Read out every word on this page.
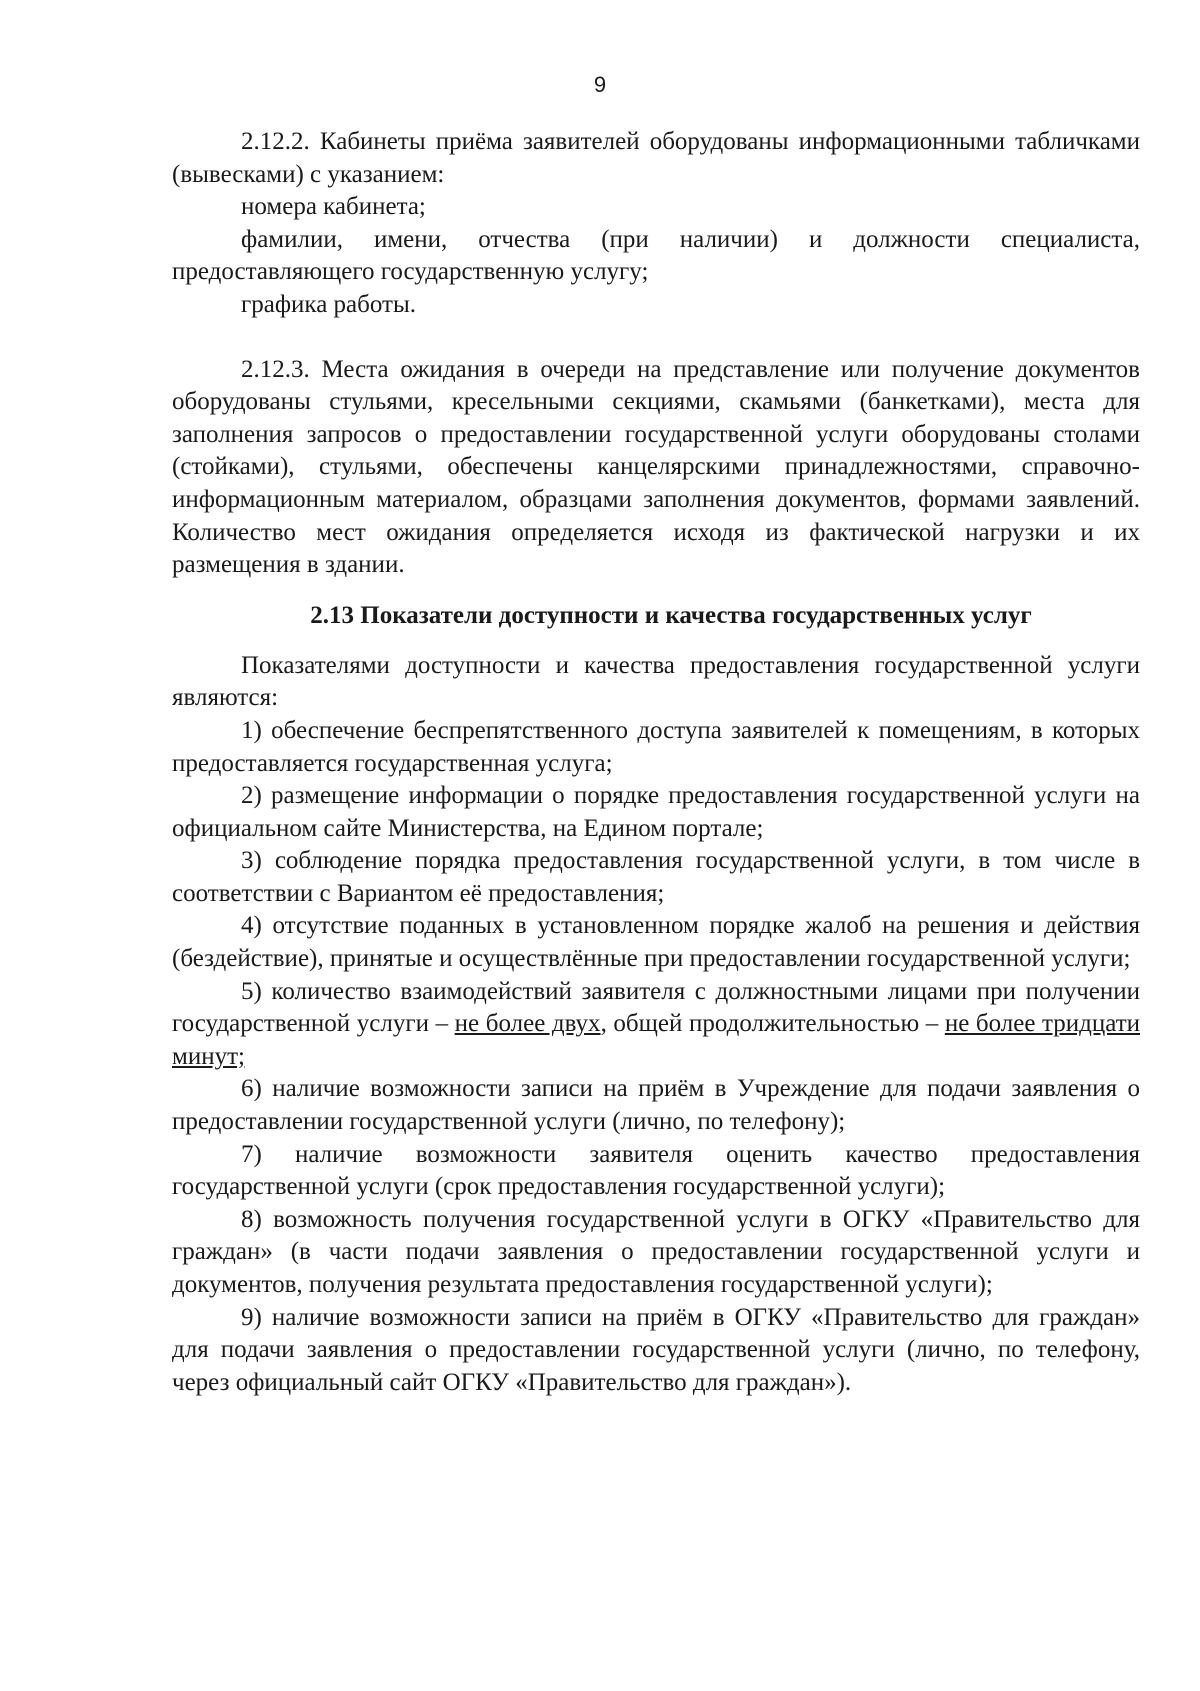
9

2.12.2. Кабинеты приёма заявителей оборудованы информационными табличками (вывесками) с указанием:

номера кабинета;

фамилии, имени, отчества (при наличии) и должности специалиста, предоставляющего государственную услугу;

графика работы.

2.12.3. Места ожидания в очереди на представление или получение документов оборудованы стульями, кресельными секциями, скамьями (банкетками), места для заполнения запросов о предоставлении государственной услуги оборудованы столами (стойками), стульями, обеспечены канцелярскими принадлежностями, справочно-информационным материалом, образцами заполнения документов, формами заявлений. Количество мест ожидания определяется исходя из фактической нагрузки и их размещения в здании.

2.13 Показатели доступности и качества государственных услуг

Показателями доступности и качества предоставления государственной услуги являются:

1) обеспечение беспрепятственного доступа заявителей к помещениям, в которых предоставляется государственная услуга;

2) размещение информации о порядке предоставления государственной услуги на официальном сайте Министерства, на Едином портале;

3) соблюдение порядка предоставления государственной услуги, в том числе в соответствии с Вариантом её предоставления;

4) отсутствие поданных в установленном порядке жалоб на решения и действия (бездействие), принятые и осуществлённые при предоставлении государственной услуги;

5) количество взаимодействий заявителя с должностными лицами при получении государственной услуги – не более двух, общей продолжительностью – не более тридцати минут;

6) наличие возможности записи на приём в Учреждение для подачи заявления о предоставлении государственной услуги (лично, по телефону);

7) наличие возможности заявителя оценить качество предоставления государственной услуги (срок предоставления государственной услуги);

8) возможность получения государственной услуги в ОГКУ «Правительство для граждан» (в части подачи заявления о предоставлении государственной услуги и документов, получения результата предоставления государственной услуги);

9) наличие возможности записи на приём в ОГКУ «Правительство для граждан» для подачи заявления о предоставлении государственной услуги (лично, по телефону, через официальный сайт ОГКУ «Правительство для граждан»).
